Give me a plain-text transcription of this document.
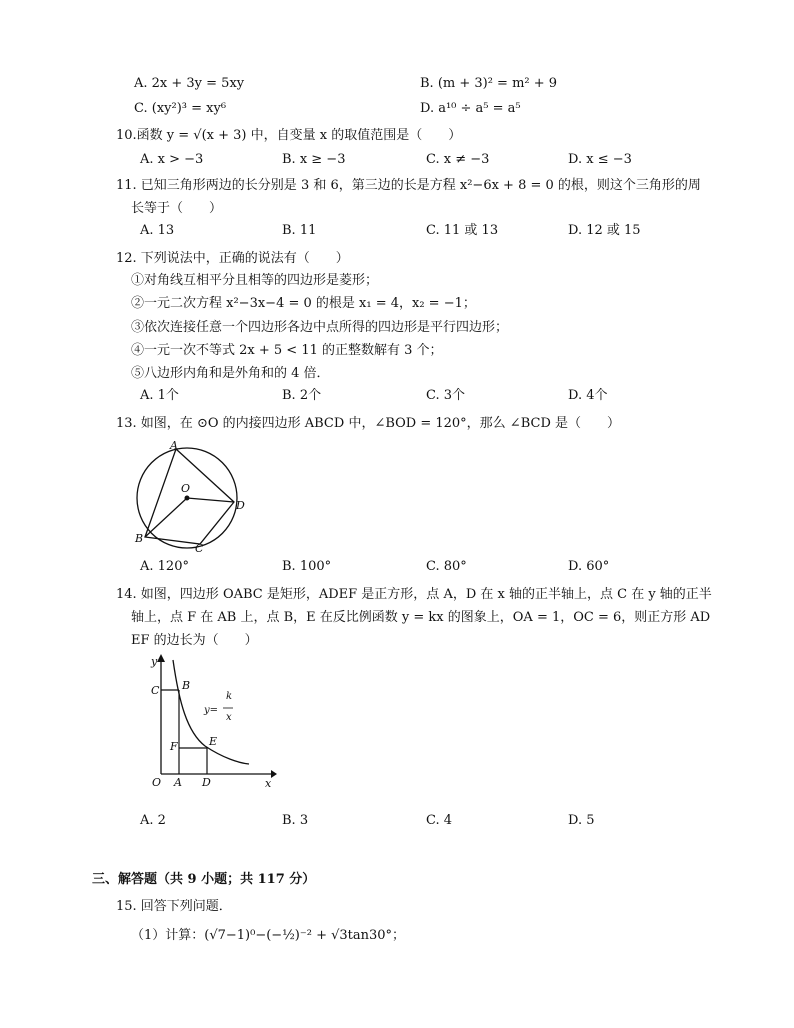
A. 2x + 3y = 5xy	B. (m + 3)² = m² + 9
C. (xy²)³ = xy⁶	D. a¹⁰ ÷ a⁵ = a⁵
10.函数 y = √(x + 3) 中，自变量 x 的取值范围是（　　）
A. x > −3	B. x ≥ −3	C. x ≠ −3	D. x ≤ −3
11. 已知三角形两边的长分别是 3 和 6，第三边的长是方程 x²−6x + 8 = 0 的根，则这个三角形的周
长等于（　　）
A. 13	B. 11	C. 11 或 13	D. 12 或 15
12. 下列说法中，正确的说法有（　　）
①对角线互相平分且相等的四边形是菱形；
②一元二次方程 x²−3x−4 = 0 的根是 x₁ = 4，x₂ = −1；
③依次连接任意一个四边形各边中点所得的四边形是平行四边形；
④一元一次不等式 2x + 5 < 11 的正整数解有 3 个；
⑤八边形内角和是外角和的 4 倍．
A. 1个	B. 2个	C. 3个	D. 4个
13. 如图，在 ⊙O 的内接四边形 ABCD 中，∠BOD = 120°，那么 ∠BCD 是（　　）
A
O
D
B
C
A. 120°	B. 100°	C. 80°	D. 60°
14. 如图，四边形 OABC 是矩形，ADEF 是正方形，点 A，D 在 x 轴的正半轴上，点 C 在 y 轴的正半
轴上，点 F 在 AB 上，点 B，E 在反比例函数 y = kx 的图象上，OA = 1，OC = 6，则正方形 AD
EF 的边长为（　　）
y
x
C B
F	E
O A D
y=
k
x
A. 2	B. 3	C. 4	D. 5
三、解答题（共 9 小题；共 117 分）
15. 回答下列问题．
（1）计算：(√7−1)⁰−(−½)⁻² + √3tan30°；
